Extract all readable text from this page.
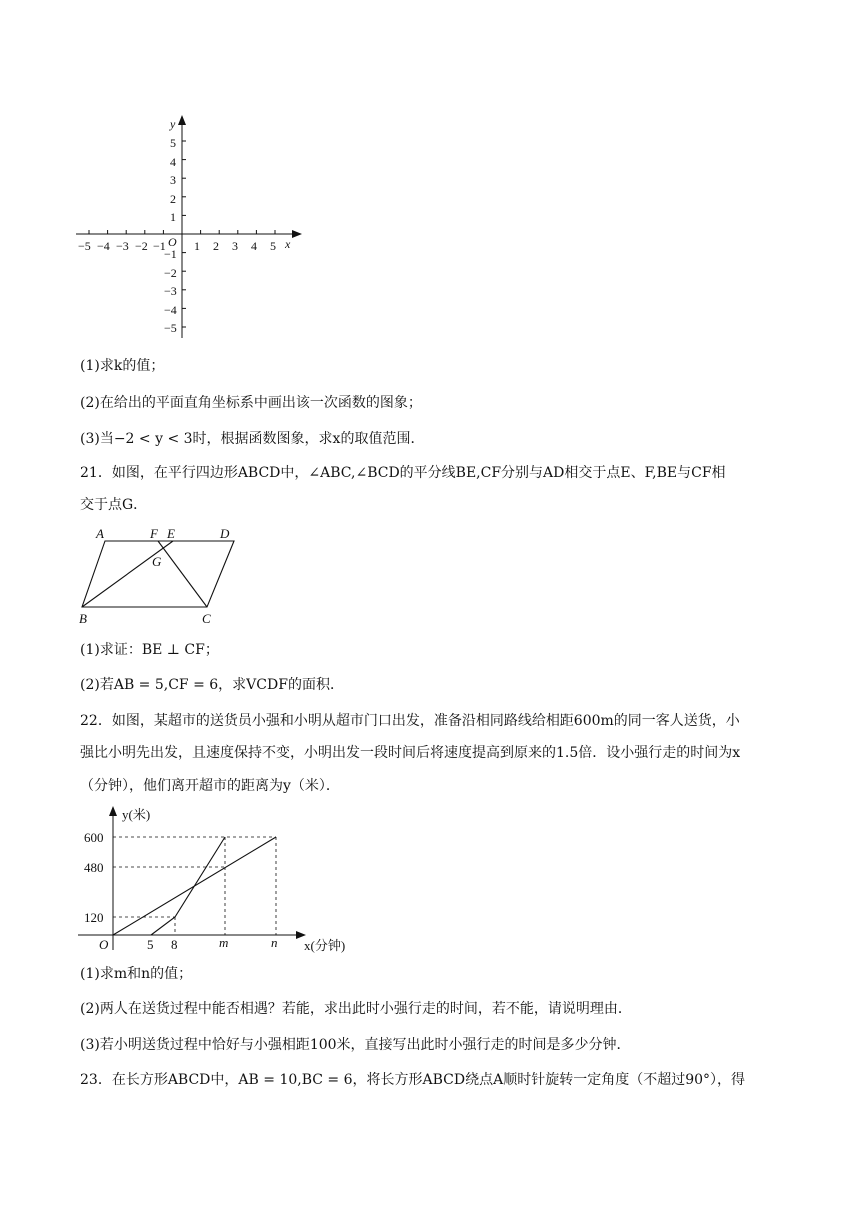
x
y
O
−5 −4 −3 −2 −1 1 2 3 4 5
5
4
3
2
1
−1
−2
−3
−4
−5
(1)求k的值；
(2)在给出的平面直角坐标系中画出该一次函数的图象；
(3)当−2 < y < 3时，根据函数图象，求x的取值范围．
21．如图，在平行四边形ABCD中，∠ABC,∠BCD的平分线BE,CF分别与AD相交于点E、F,BE与CF相
交于点G．
A	F E	D
G
B	C
(1)求证：BE ⊥ CF；
(2)若AB = 5,CF = 6，求VCDF的面积．
22．如图，某超市的送货员小强和小明从超市门口出发，准备沿相同路线给相距600m的同一客人送货，小
强比小明先出发，且速度保持不变，小明出发一段时间后将速度提高到原来的1.5倍．设小强行走的时间为x
（分钟），他们离开超市的距离为y（米）．
y(米)
x(分钟)
O
600
480
120
5 8	m	n
(1)求m和n的值；
(2)两人在送货过程中能否相遇？若能，求出此时小强行走的时间，若不能，请说明理由．
(3)若小明送货过程中恰好与小强相距100米，直接写出此时小强行走的时间是多少分钟．
23．在长方形ABCD中，AB = 10,BC = 6，将长方形ABCD绕点A顺时针旋转一定角度（不超过90°），得
